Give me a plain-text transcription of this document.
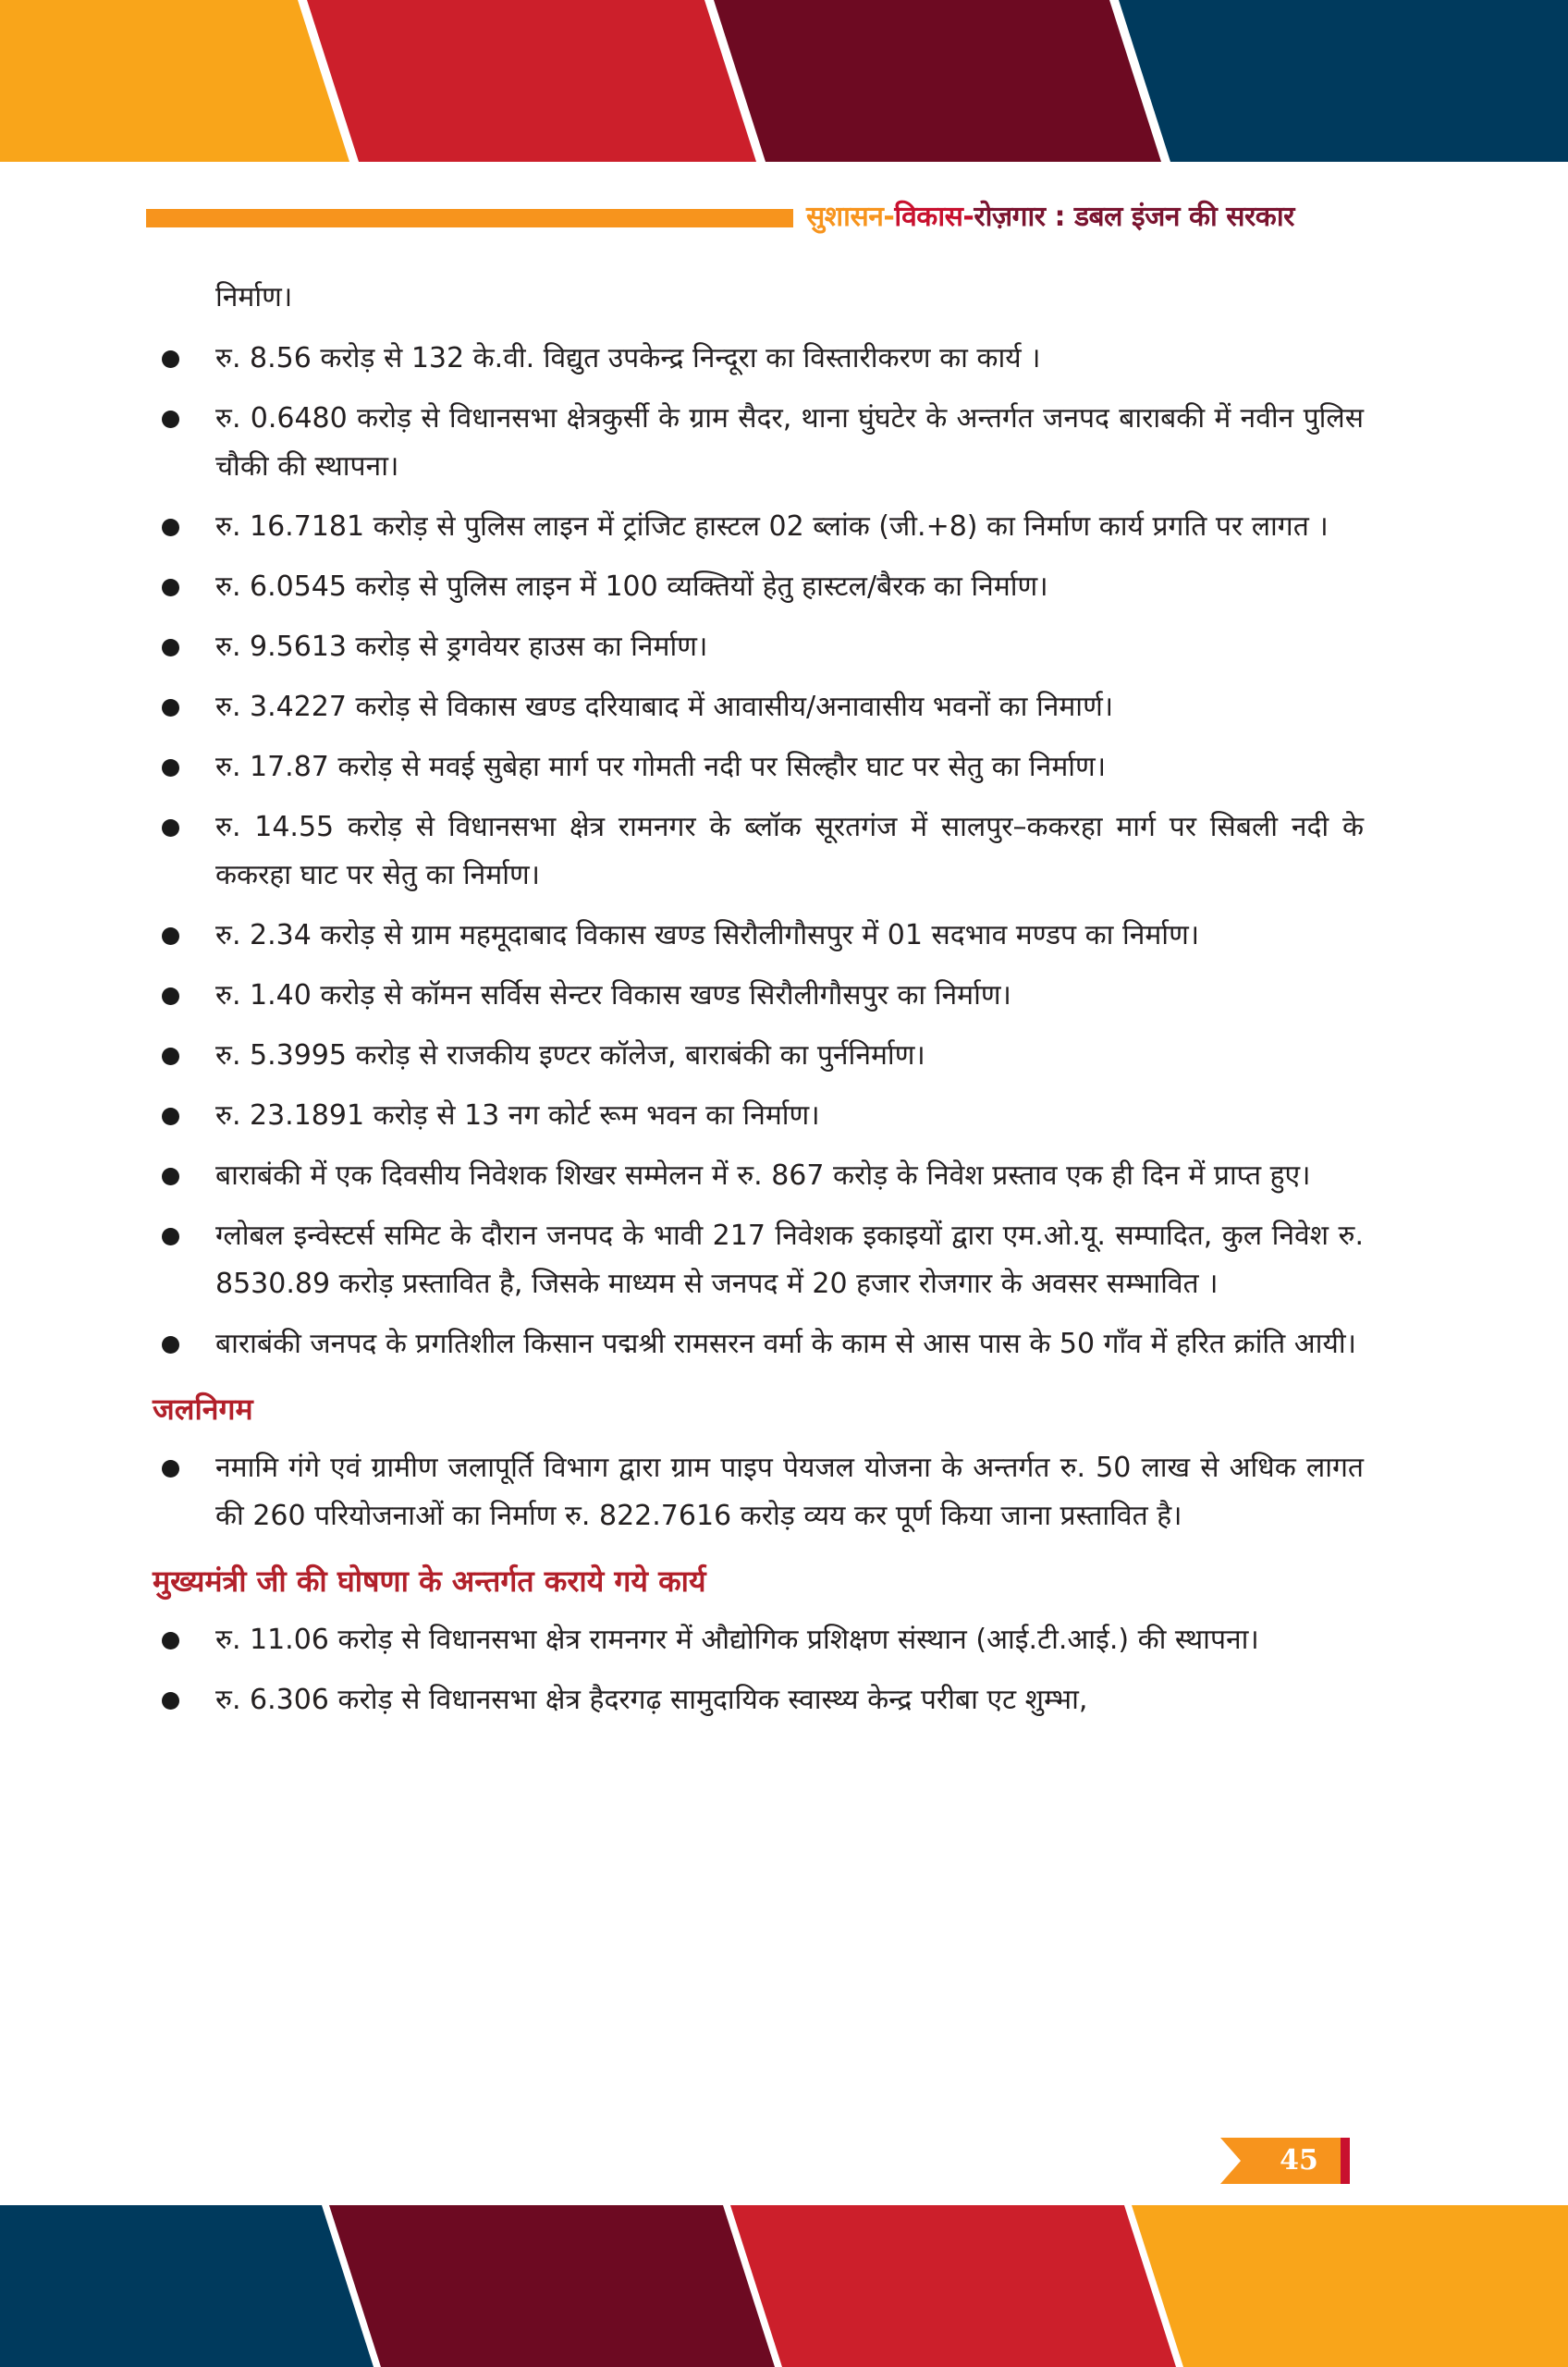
सुशासन-विकास-रोज़गार : डबल इंजन की सरकार
निर्माण।
रु. 8.56 करोड़ से 132 के.वी. विद्युत उपकेन्द्र निन्दूरा का विस्तारीकरण का कार्य ।
रु. 0.6480 करोड़ से विधानसभा क्षेत्रकुर्सी के ग्राम सैदर, थाना घुंघटेर के अन्तर्गत जनपद बाराबकी में नवीन पुलिस चौकी की स्थापना।
रु. 16.7181 करोड़ से पुलिस लाइन में ट्रांजिट हास्टल 02 ब्लांक (जी.+8) का निर्माण कार्य प्रगति पर लागत ।
रु. 6.0545 करोड़ से पुलिस लाइन में 100 व्यक्तियों हेतु हास्टल/बैरक का निर्माण।
रु. 9.5613 करोड़ से ड्रगवेयर हाउस का निर्माण।
रु. 3.4227 करोड़ से विकास खण्ड दरियाबाद में आवासीय/अनावासीय भवनों का निमार्ण।
रु. 17.87 करोड़ से मवई सुबेहा मार्ग पर गोमती नदी पर सिल्हौर घाट पर सेतु का निर्माण।
रु. 14.55 करोड़ से विधानसभा क्षेत्र रामनगर के ब्लॉक सूरतगंज में सालपुर–ककरहा मार्ग पर सिबली नदी के ककरहा घाट पर सेतु का निर्माण।
रु. 2.34 करोड़ से ग्राम महमूदाबाद विकास खण्ड सिरौलीगौसपुर में 01 सदभाव मण्डप का निर्माण।
रु. 1.40 करोड़ से कॉमन सर्विस सेन्टर विकास खण्ड सिरौलीगौसपुर का निर्माण।
रु. 5.3995 करोड़ से राजकीय इण्टर कॉलेज, बाराबंकी का पुर्ननिर्माण।
रु. 23.1891 करोड़ से 13 नग कोर्ट रूम भवन का निर्माण।
बाराबंकी में एक दिवसीय निवेशक शिखर सम्मेलन में रु. 867 करोड़ के निवेश प्रस्ताव एक ही दिन में प्राप्त हुए।
ग्लोबल इन्वेस्टर्स समिट के दौरान जनपद के भावी 217 निवेशक इकाइयों द्वारा एम.ओ.यू. सम्पादित, कुल निवेश रु. 8530.89 करोड़ प्रस्तावित है, जिसके माध्यम से जनपद में 20 हजार रोजगार के अवसर सम्भावित ।
बाराबंकी जनपद के प्रगतिशील किसान पद्मश्री रामसरन वर्मा के काम से आस पास के 50 गाँव में हरित क्रांति आयी।
जलनिगम
नमामि गंगे एवं ग्रामीण जलापूर्ति विभाग द्वारा ग्राम पाइप पेयजल योजना के अन्तर्गत रु. 50 लाख से अधिक लागत की 260 परियोजनाओं का निर्माण रु. 822.7616 करोड़ व्यय कर पूर्ण किया जाना प्रस्तावित है।
मुख्यमंत्री जी की घोषणा के अन्तर्गत कराये गये कार्य
रु. 11.06 करोड़ से विधानसभा क्षेत्र रामनगर में औद्योगिक प्रशिक्षण संस्थान (आई.टी.आई.) की स्थापना।
रु. 6.306 करोड़ से विधानसभा क्षेत्र हैदरगढ़ सामुदायिक स्वास्थ्य केन्द्र परीबा एट शुम्भा,
45
